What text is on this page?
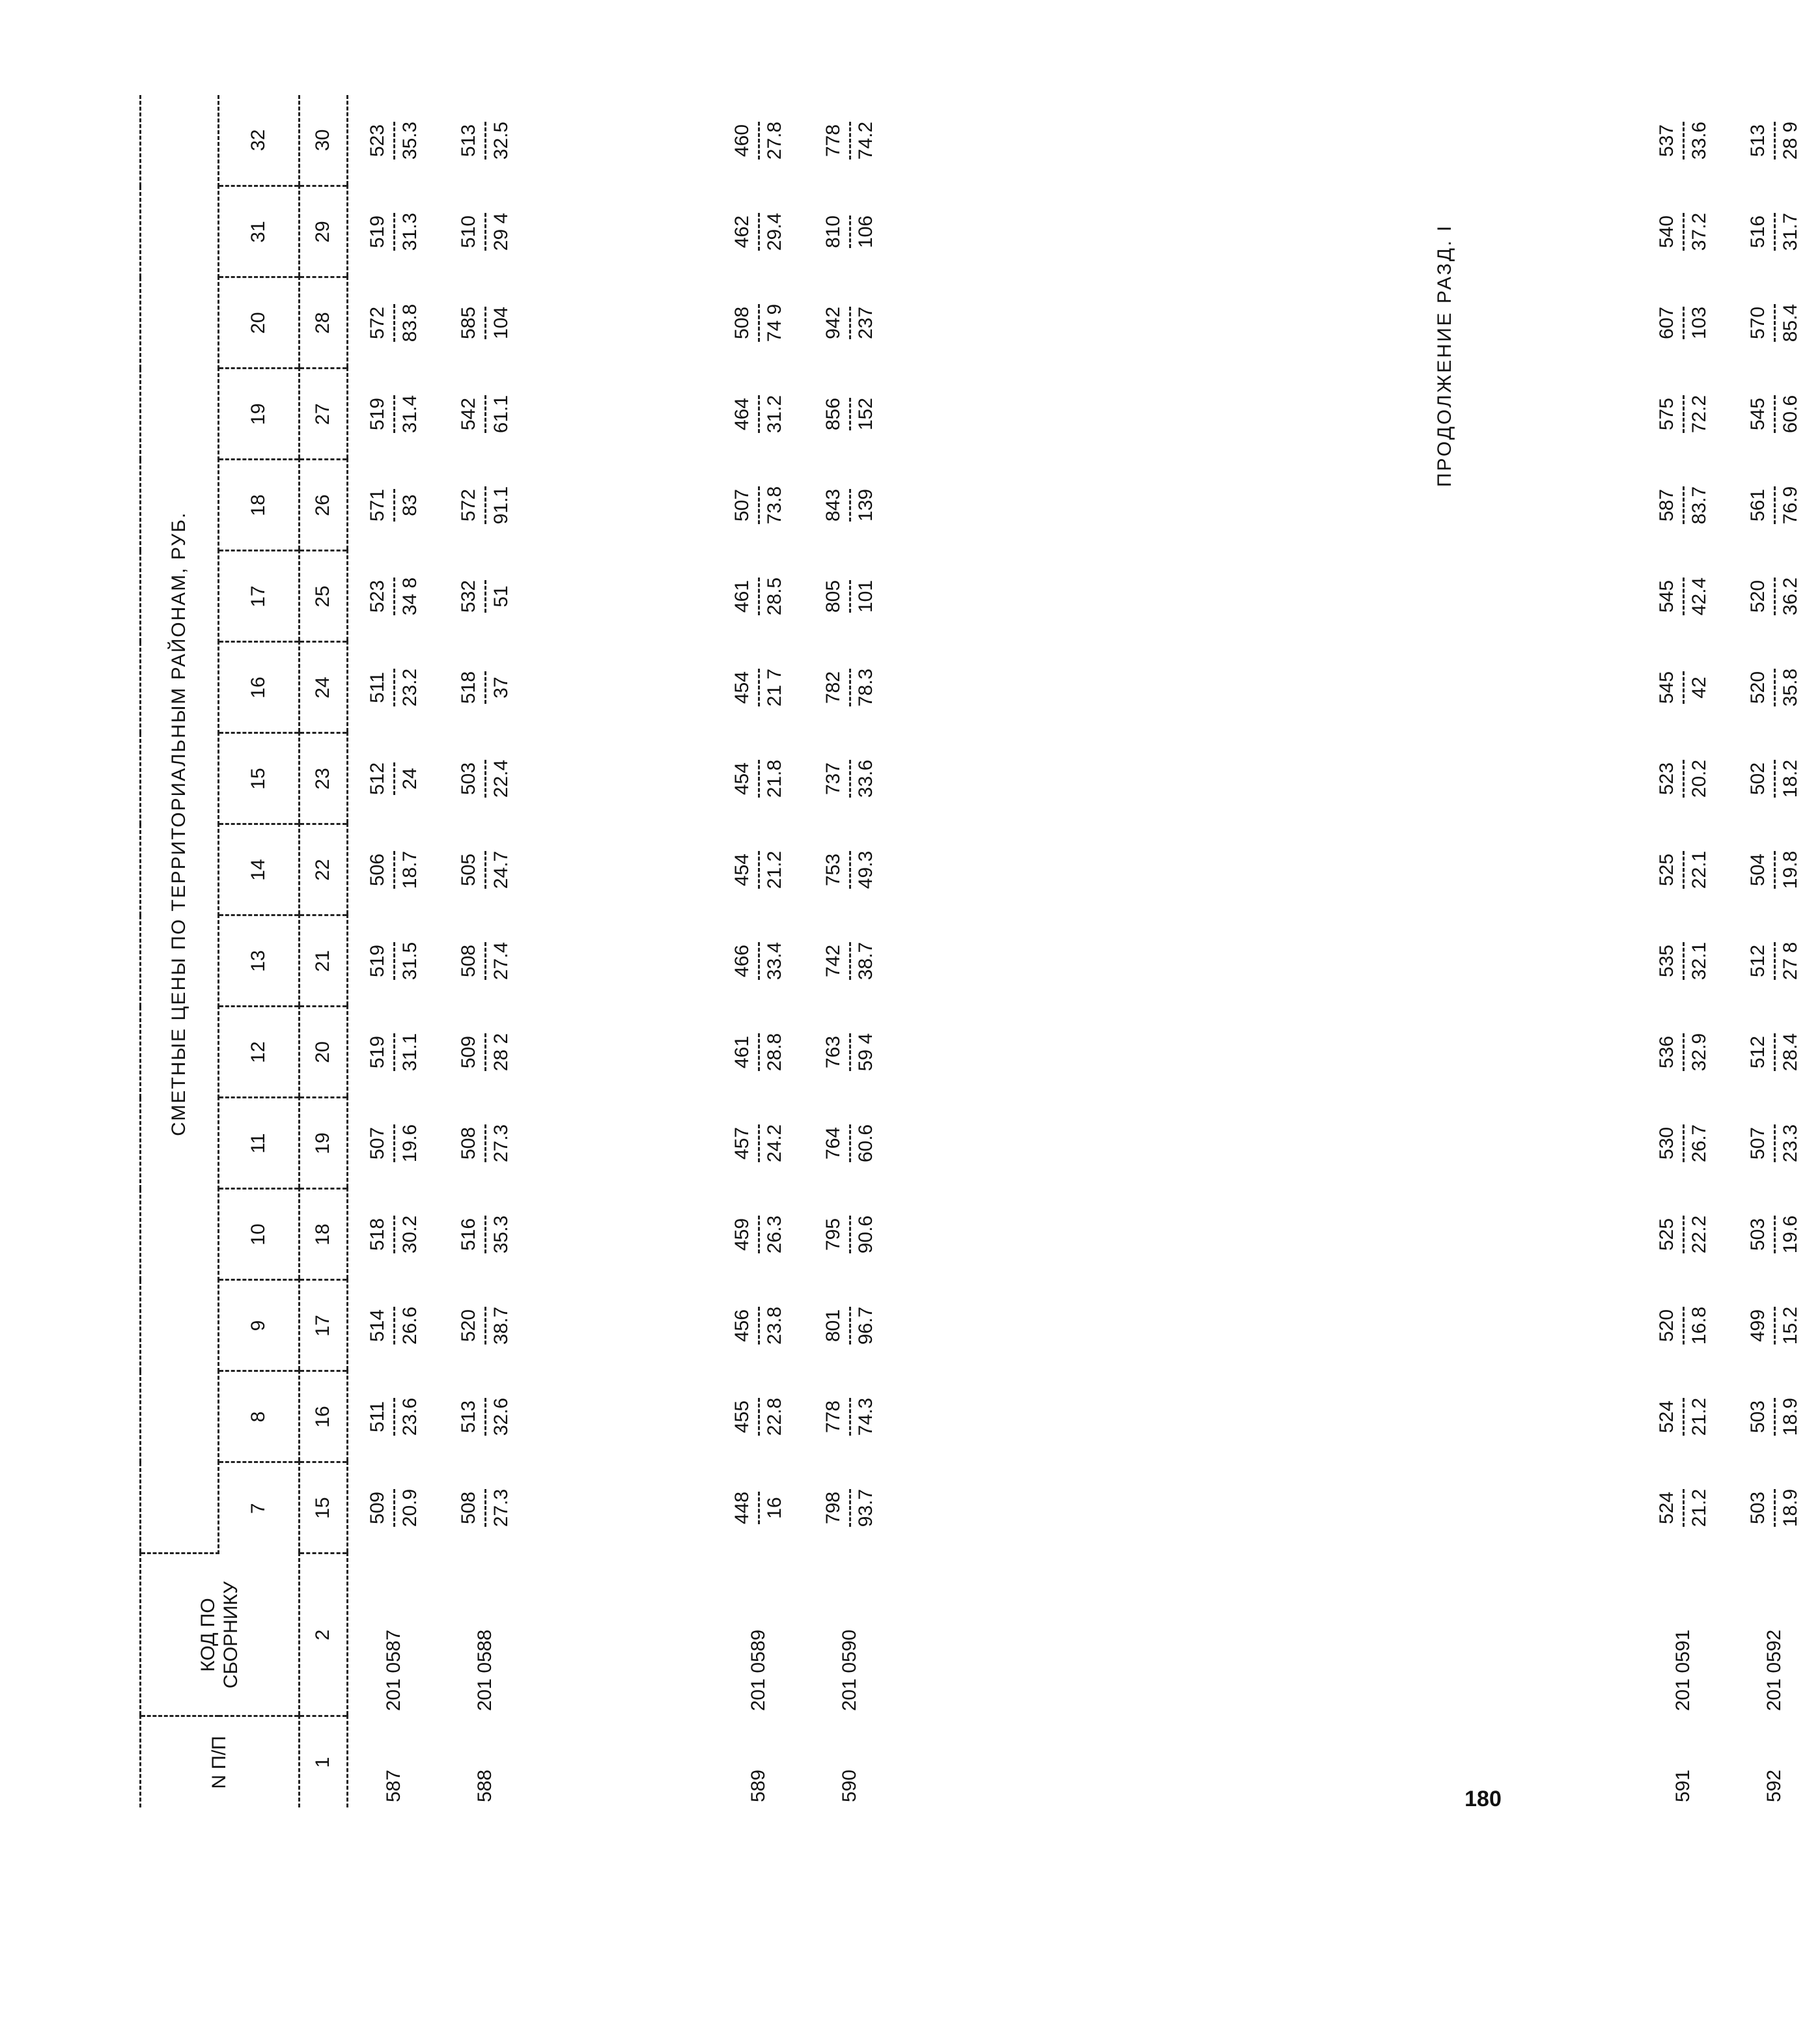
180
ПРОДОЛЖЕНИЕ РАЗД. I
N П/П	КОД ПО СБОРНИКУ	СМЕТНЫЕ ЦЕНЫ ПО ТЕРРИТОРИАЛЬНЫМ РАЙОНАМ, РУБ.															
		7	8	9	10	11	12	13	14	15	16	17	18	19	20	31	32
1	2	15	16	17	18	19	20	21	22	23	24	25	26	27	28	29	30
587	201 0587	509 20.9	511 23.6	514 26.6	518 30.2	507 19.6	519 31.1	519 31.5	506 18.7	512 24	511 23.2	523 34 8	571 83	519 31.4	572 83.8	519 31.3	523 35.3

588	201 0588	508 27.3	513 32.6	520 38.7	516 35.3	508 27.3	509 28 2	508 27.4	505 24.7	503 22.4	518 37	532 51	572 91.1	542 61.1	585 104	510 29 4	513 32.5

589	201 0589	448 16	455 22.8	456 23.8	459 26.3	457 24.2	461 28.8	466 33.4	454 21.2	454 21.8	454 21 7	461 28.5	507 73.8	464 31.2	508 74 9	462 29.4	460 27.8

590	201 0590	798 93.7	778 74.3	801 96.7	795 90.6	764 60.6	763 59 4	742 38.7	753 49.3	737 33.6	782 78.3	805 101	843 139	856 152	942 237	810 106	778 74.2

591	201 0591	524 21.2	524 21.2	520 16.8	525 22.2	530 26.7	536 32.9	535 32.1	525 22.1	523 20.2	545 42	545 42.4	587 83.7	575 72.2	607 103	540 37.2	537 33.6

592	201 0592	503 18.9	503 18.9	499 15.2	503 19.6	507 23.3	512 28.4	512 27 8	504 19.8	502 18.2	520 35.8	520 36.2	561 76.9	545 60.6	570 85.4	516 31.7	513 28 9
